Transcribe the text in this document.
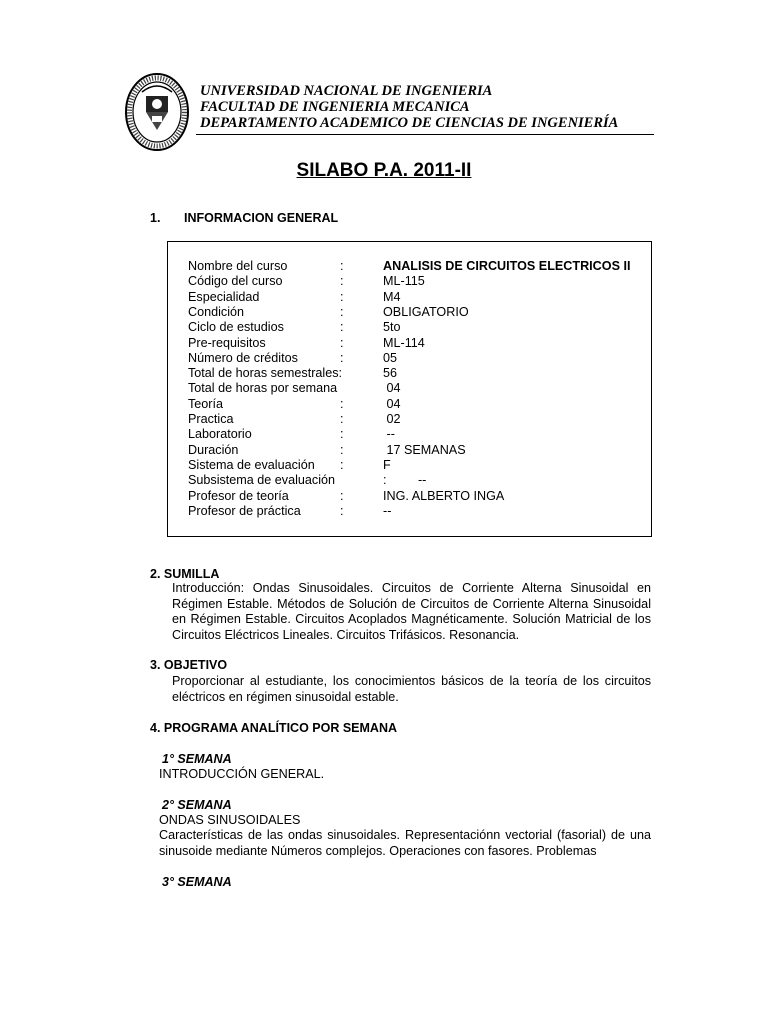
UNIVERSIDAD NACIONAL DE INGENIERIA
FACULTAD DE INGENIERIA MECANICA
DEPARTAMENTO ACADEMICO DE CIENCIAS DE INGENIERÍA
SILABO P.A. 2011-II
1. INFORMACION GENERAL
Nombre del curso	:	ANALISIS DE CIRCUITOS ELECTRICOS II
Código del curso	:	ML-115
Especialidad	:	M4
Condición	:	OBLIGATORIO
Ciclo de estudios	:	5to
Pre-requisitos	:	ML-114
Número de créditos	:	05
Total de horas semestrales:	56
Total de horas por semana	04
Teoría	:	04
Practica	:	02
Laboratorio	:	--
Duración	:	17 SEMANAS
Sistema de evaluación :	F
Subsistema de evaluación	:         --
Profesor de teoría	:	ING. ALBERTO INGA
Profesor de práctica	:	--
2. SUMILLA
Introducción: Ondas Sinusoidales. Circuitos de Corriente Alterna Sinusoidal en Régimen Estable. Métodos de Solución de Circuitos de Corriente Alterna Sinusoidal en Régimen Estable. Circuitos Acoplados Magnéticamente. Solución Matricial de los Circuitos Eléctricos Lineales. Circuitos Trifásicos. Resonancia.
3. OBJETIVO
Proporcionar al estudiante, los conocimientos básicos de la teoría de los circuitos eléctricos en régimen sinusoidal estable.
4. PROGRAMA ANALÍTICO POR SEMANA
1° SEMANA
INTRODUCCIÓN GENERAL.
2° SEMANA
ONDAS SINUSOIDALES
Características de las ondas sinusoidales. Representaciónn vectorial (fasorial) de una sinusoide mediante Números complejos. Operaciones con fasores. Problemas
3° SEMANA
